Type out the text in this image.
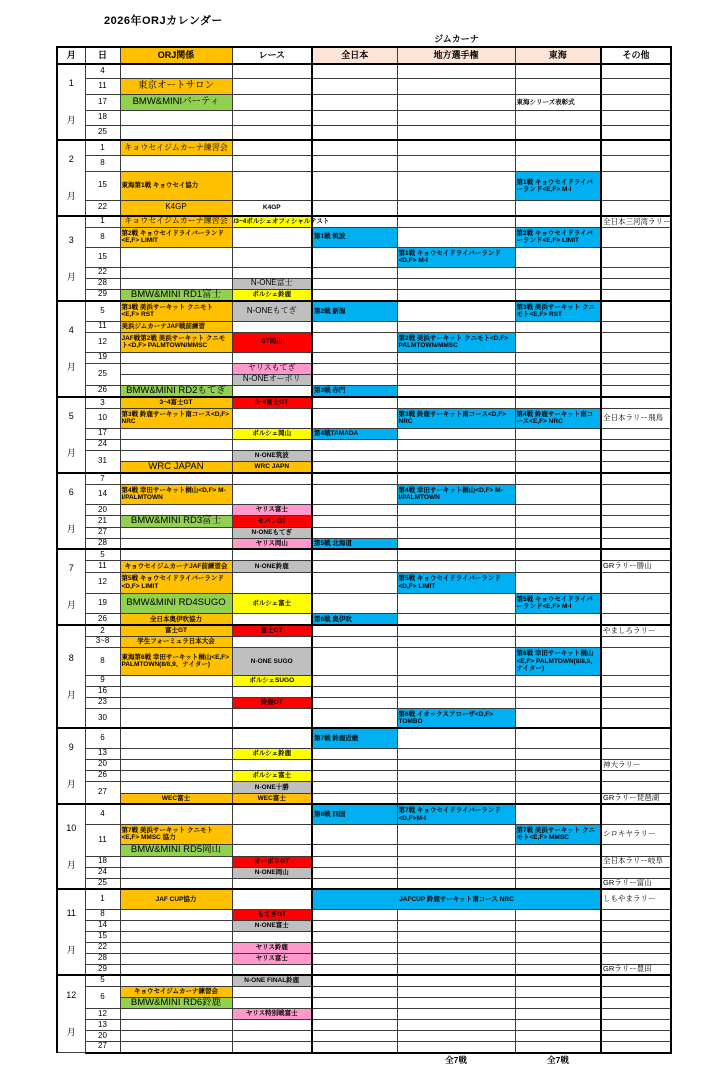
2026年ORJカレンダー
				ジムカーナ			
月	日	ORJ関係	レース	全日本	地方選手権	東海	その他

1
月	4						
	11	東京オートサロン					
	17	BMW&MINIパーティ				東海シリーズ表彰式	
	18						
	25						

2
月	1	キョウセイジムカーナ練習会					
	8						
	15	東海第1戦 キョウセイ協力				第1戦 キョウセイドライバーランド<E,F> M-I	
	22	K4GP	K4GP				

3
月	1	キョウセイジムカーナ練習会	/3~4ポルシェオフィシャルテスト				全日本三河湾ラリー
	8	第2戦 キョウセイドライバーランド<E,F> LIMIT		第1戦 筑波		第2戦 キョウセイドライバーランド<E,F> LIMIT	
	15				第1戦 キョウセイドライバーランド<D,F> M-I		
	22						
	28		N-ONE富士				
	29	BMW&MINI RD1富士	ポルシェ鈴鹿				

4
月	5	第3戦 美浜サーキット クニモト<E,F> RST	N-ONEもてぎ	第2戦 新潟		第3戦 美浜サーキット クニモト<E,F> RST	
	11	美浜ジムカーナJAF戦前練習					
	12	JAF戦第2戦 美浜サーキット クニモト<D,F> PALMTOWN/MMSC	GT岡山		第2戦 美浜サーキット クニモト<D,F> PALMTOWN/MMSC		
	19						
	25		ヤリスもてぎ				
			N-ONEオーポリ				
	26	BMW&MINI RD2もてぎ		第3戦 赤門			

5
月	3	3~4富士GT	3~4富士GT				
	10	第3戦 鈴鹿サーキット南コース<D,F> NRC			第3戦 鈴鹿サーキット南コース<D,F> NRC	第4戦 鈴鹿サーキット南コース<E,F> NRC	全日本ラリー飛鳥
	17		ポルシェ岡山	第4戦TAMADA			
	24						
	31		N-ONE筑波				
		WRC JAPAN	WRC JAPN				

6
月	7						
	14	第4戦 幸田サーキット桐山<D,F> M-I/PALMTOWN			第4戦 幸田サーキット桐山<D,F> M-I/PALMTOWN		
	20		ヤリス富士				
	21	BMW&MINI RD3富士	セパンGT				
	27		N-ONEもてぎ				
	28		ヤリス岡山	第5戦 北海道			

7
月	5						
	11	キョウセイジムカーナJAF前練習会	N-ONE鈴鹿				GRラリー勝山
	12	第5戦 キョウセイドライバーランド<D,F> LIMIT			第5戦 キョウセイドライバーランド<D,F> LIMIT		
	19	BMW&MINI RD4SUGO	ポルシェ富士			第5戦 キョウセイドライバーランド<E,F> M-I	
	26	全日本奥伊吹協力		第6戦 奥伊吹			

8
月	2	富士GT	富士GT				やましろラリー
	3~8	学生フォーミュラ日本大会					
	8	東海第6戦 幸田サーキット桐山<E,F> PALMTOWN(8/8,9、ナイター)	N-ONE SUGO			第6戦 幸田サーキット桐山<E,F> PALMTOWN(8/8,9、ナイター)	
	9		ポルシェSUGO				
	16						
	23		鈴鹿GT				
	30				第6戦 イオックスアローザ<D,F> TOMBO		

9
月	6			第7戦 鈴鹿近畿			
	13		ポルシェ鈴鹿				
	20						神大ラリー
	26		ポルシェ富士				
	27		N-ONE十勝				
		WEC富士	WEC富士				GRラリー琵琶湖

10
月	4			第8戦 四国	第7戦 キョウセイドライバーランド<D,F>M-I		
	11	第7戦 美浜サーキット クニモト<E,F> MMSC 協力				第7戦 美浜サーキット クニモト<E,F> MMSC	シロキヤラリー
		BMW&MINI RD5岡山					
	18		オーポリGT				全日本ラリー岐阜
	24		N-ONE岡山				
	25						GRラリー富山

11
月	1	JAF CUP協力		JAFCUP 鈴鹿サーキット南コース NRC			しもやまラリー
	8		もてぎGT				
	14		N-ONE富士				
	15						
	22		ヤリス鈴鹿				
	28		ヤリス富士				
	29						GRラリー豊田

12
月	5		N-ONE FINAL鈴鹿				
	6	キョウセイジムカーナ練習会					
		BMW&MINI RD6鈴鹿					
	12		ヤリス特別戦富士				
	13						
	20						
	27						
					全7戦	全7戦	
